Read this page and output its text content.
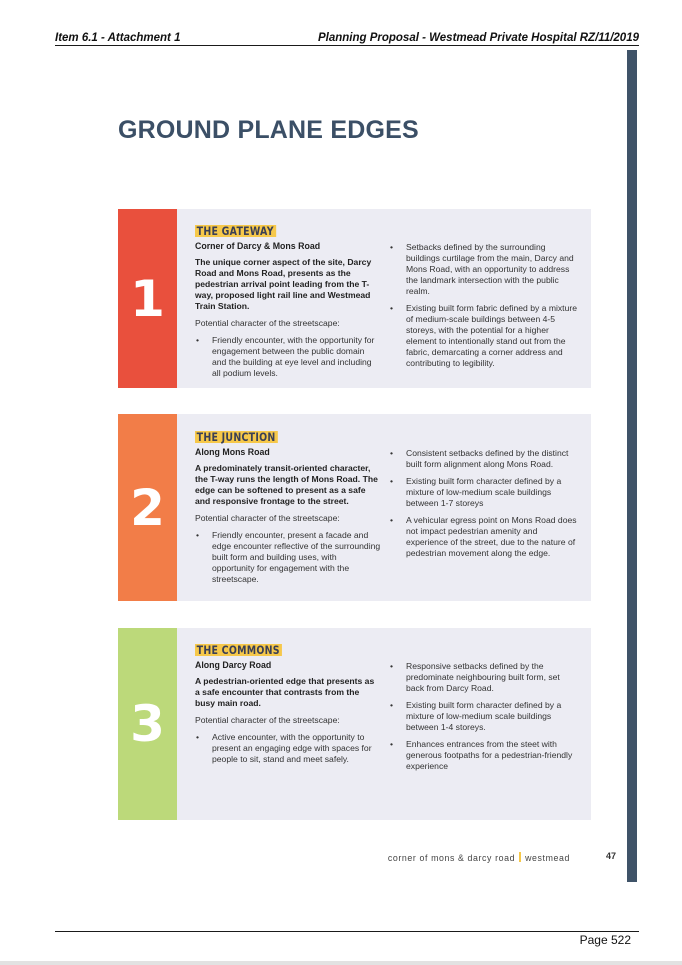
Item 6.1 - Attachment 1	Planning Proposal - Westmead Private Hospital RZ/11/2019
GROUND PLANE EDGES
1
THE GATEWAY
Corner of Darcy & Mons Road
The unique corner aspect of the site, Darcy Road and Mons Road, presents as the pedestrian arrival point leading from the T-way, proposed light rail line and Westmead Train Station.
Potential character of the streetscape:
• Friendly encounter, with the opportunity for engagement between the public domain and the building at eye level and including all podium levels.
• Setbacks defined by the surrounding buildings curtilage from the main, Darcy and Mons Road, with an opportunity to address the landmark intersection with the public realm.
• Existing built form fabric defined by a mixture of medium-scale buildings between 4-5 storeys, with the potential for a higher element to intentionally stand out from the fabric, demarcating a corner address and contributing to legibility.
2
THE JUNCTION
Along Mons Road
A predominately transit-oriented character, the T-way runs the length of Mons Road. The edge can be softened to present as a safe and responsive frontage to the street.
Potential character of the streetscape:
• Friendly encounter, present a facade and edge encounter reflective of the surrounding built form and building uses, with opportunity for engagement with the streetscape.
• Consistent setbacks defined by the distinct built form alignment along Mons Road.
• Existing built form character defined by a mixture of low-medium scale buildings between 1-7 storeys
• A vehicular egress point on Mons Road does not impact pedestrian amenity and experience of the street, due to the nature of pedestrian movement along the edge.
3
THE COMMONS
Along Darcy Road
A pedestrian-oriented edge that presents as a safe encounter that contrasts from the busy main road.
Potential character of the streetscape:
• Active encounter, with the opportunity to present an engaging edge with spaces for people to sit, stand and meet safely.
• Responsive setbacks defined by the predominate neighbouring built form, set back from Darcy Road.
• Existing built form character defined by a mixture of low-medium scale buildings between 1-4 storeys.
• Enhances entrances from the steet with generous footpaths for a pedestrian-friendly experience
corner of mons & darcy road westmead	47
Page 522
